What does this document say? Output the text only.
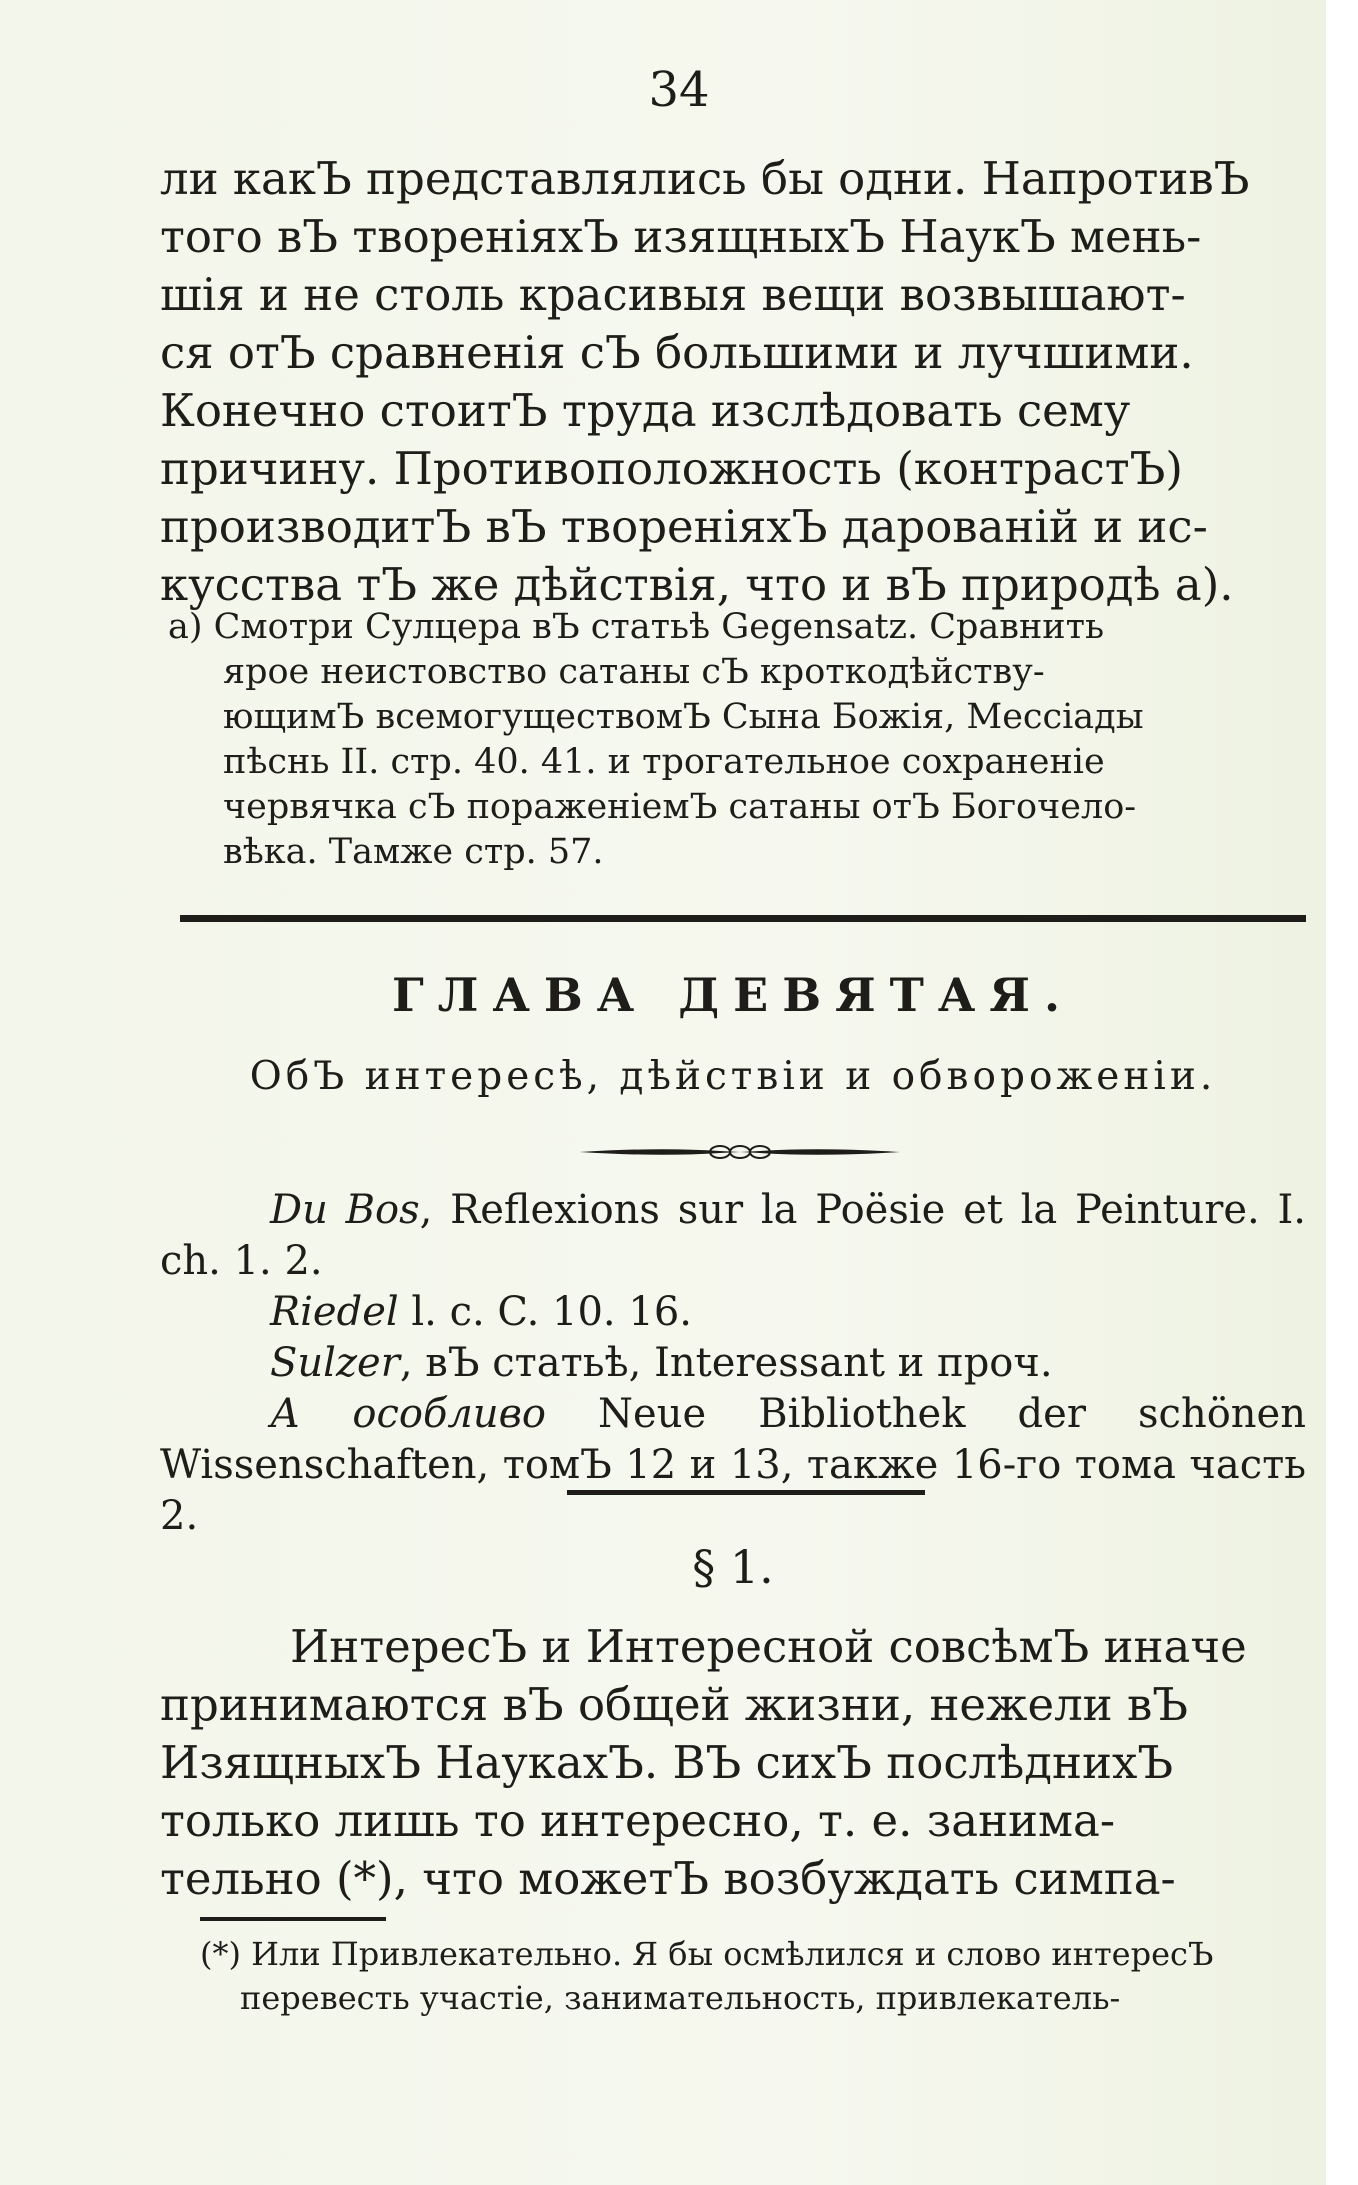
34

ли какЪ представлялись бы одни. НапротивЪ

того вЪ твореніяхЪ изящныхЪ НаукЪ мень-

шія и не столь красивыя вещи возвышают-

ся отЪ сравненія сЪ большими и лучшими.

Конечно стоитЪ труда изслѣдовать сему

причину. Противоположность (контрастЪ)

производитЪ вЪ твореніяхЪ дарованій и ис-

кусства тЪ же дѣйствія, что и вЪ природѣ а).

а) Смотри Сулцера вЪ статьѣ Gegensatz. Сравнить

ярое неистовство сатаны сЪ кроткодѣйству-

ющимЪ всемогуществомЪ Сына Божія, Мессіады

пѣснь II. стр. 40. 41. и трогательное сохраненіе

червячка сЪ пораженіемЪ сатаны отЪ Богочело-

вѣка. Тамже стр. 57.

ГЛАВА ДЕВЯТАЯ.
ОбЪ интересѣ, дѣйствіи и обвороженіи.

Du Bos, Reflexions sur la Poësie et la Peinture. I. ch. 1. 2.

Riedel l. c. C. 10. 16.

Sulzer, вЪ статьѣ, Interessant и проч.

А особливо Neue Bibliothek der schönen Wissenschaften, томЪ 12 и 13, также 16-го тома часть 2.

§ 1.

ИнтересЪ и Интересной совсѣмЪ иначе

принимаются вЪ общей жизни, нежели вЪ

ИзящныхЪ НаукахЪ. ВЪ сихЪ послѣднихЪ

только лишь то интересно, т. е. занима-

тельно (*), что можетЪ возбуждать симпа-

(*) Или Привлекательно. Я бы осмѣлился и слово интересЪ

перевесть участіе, занимательность, привлекатель-
